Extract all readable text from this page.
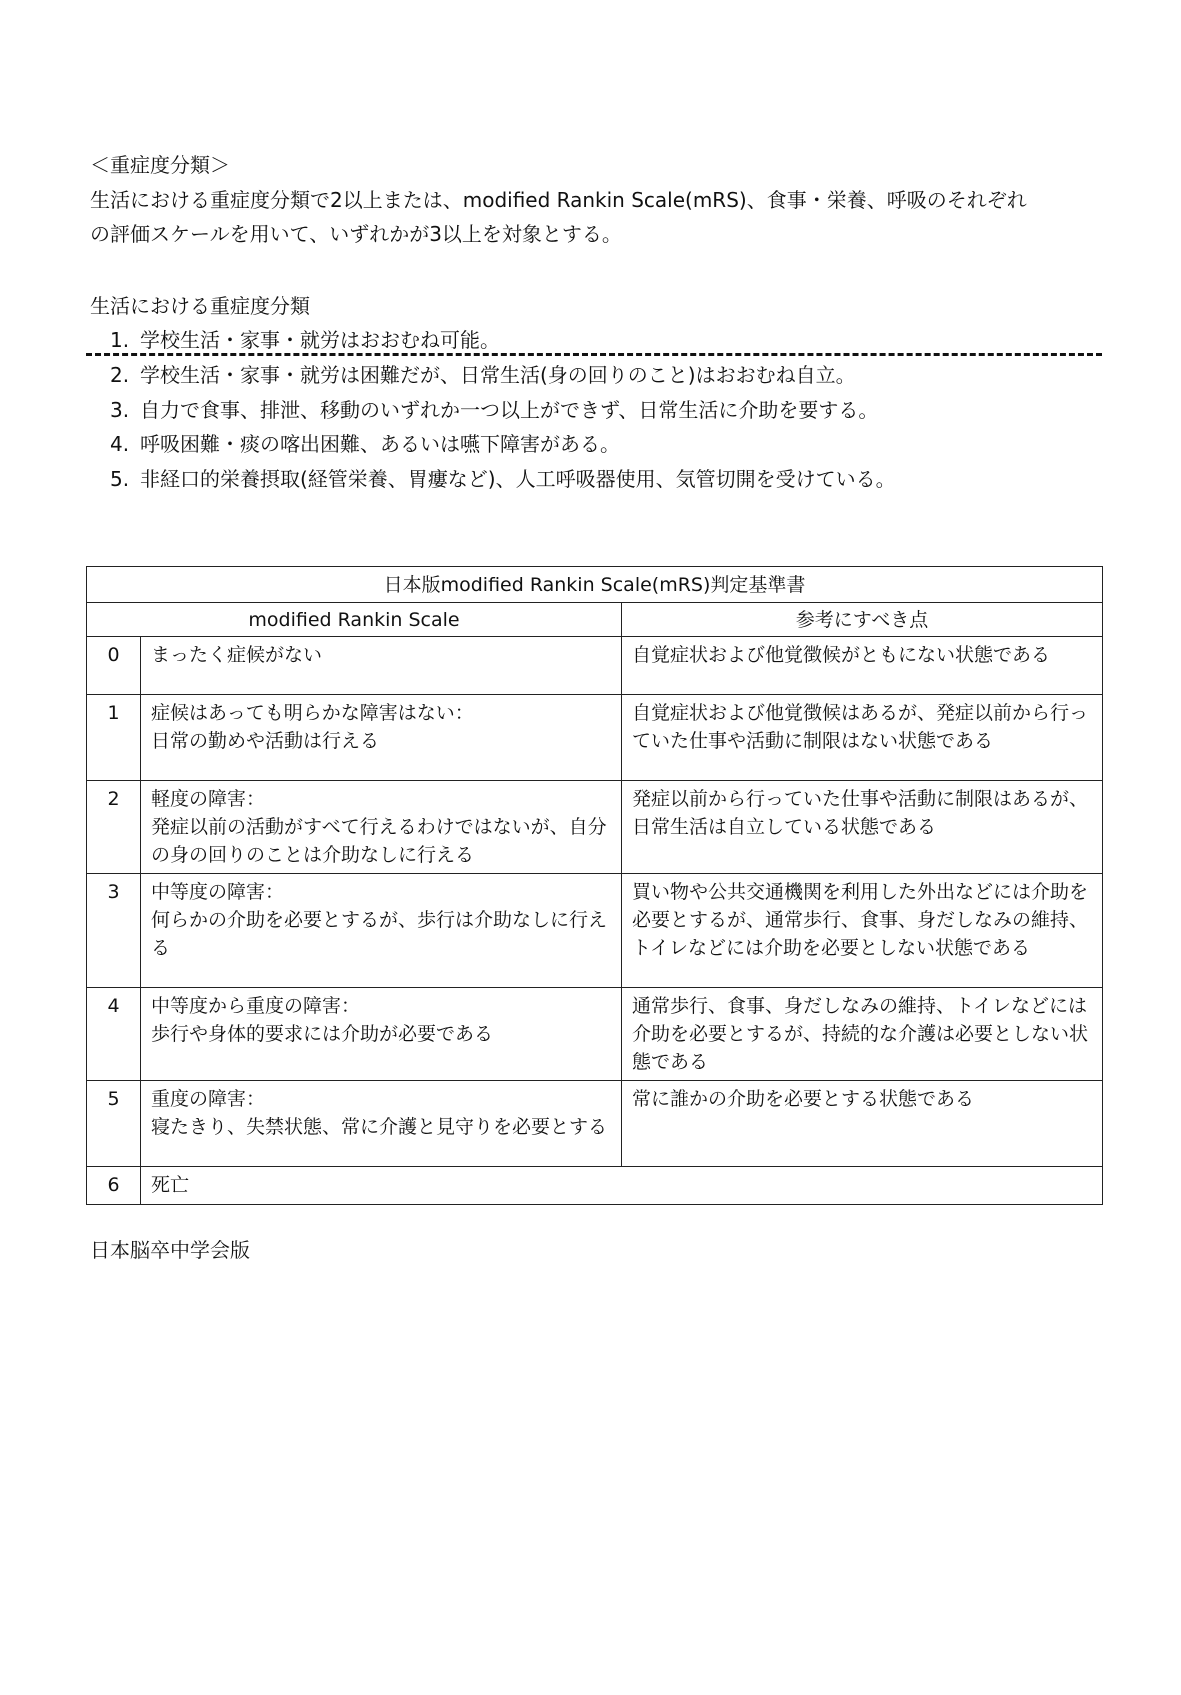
＜重症度分類＞
生活における重症度分類で2以上または、modified Rankin Scale(mRS)、食事・栄養、呼吸のそれぞれ
の評価スケールを用いて、いずれかが3以上を対象とする。
生活における重症度分類
1. 学校生活・家事・就労はおおむね可能。
2. 学校生活・家事・就労は困難だが、日常生活(身の回りのこと)はおおむね自立。
3. 自力で食事、排泄、移動のいずれか一つ以上ができず、日常生活に介助を要する。
4. 呼吸困難・痰の喀出困難、あるいは嚥下障害がある。
5. 非経口的栄養摂取(経管栄養、胃瘻など)、人工呼吸器使用、気管切開を受けている。
日本版modified Rankin Scale(mRS)判定基準書		
modified Rankin Scale		参考にすべき点
0	まったく症候がない	自覚症状および他覚徴候がともにない状態である
1	症候はあっても明らかな障害はない：
日常の勤めや活動は行える	自覚症状および他覚徴候はあるが、発症以前から行っていた仕事や活動に制限はない状態である
2	軽度の障害：
発症以前の活動がすべて行えるわけではないが、自分の身の回りのことは介助なしに行える	発症以前から行っていた仕事や活動に制限はあるが、日常生活は自立している状態である
3	中等度の障害：
何らかの介助を必要とするが、歩行は介助なしに行える	買い物や公共交通機関を利用した外出などには介助を必要とするが、通常歩行、食事、身だしなみの維持、トイレなどには介助を必要としない状態である
4	中等度から重度の障害：
歩行や身体的要求には介助が必要である	通常歩行、食事、身だしなみの維持、トイレなどには介助を必要とするが、持続的な介護は必要としない状態である
5	重度の障害：
寝たきり、失禁状態、常に介護と見守りを必要とする	常に誰かの介助を必要とする状態である
6	死亡	
日本脳卒中学会版
